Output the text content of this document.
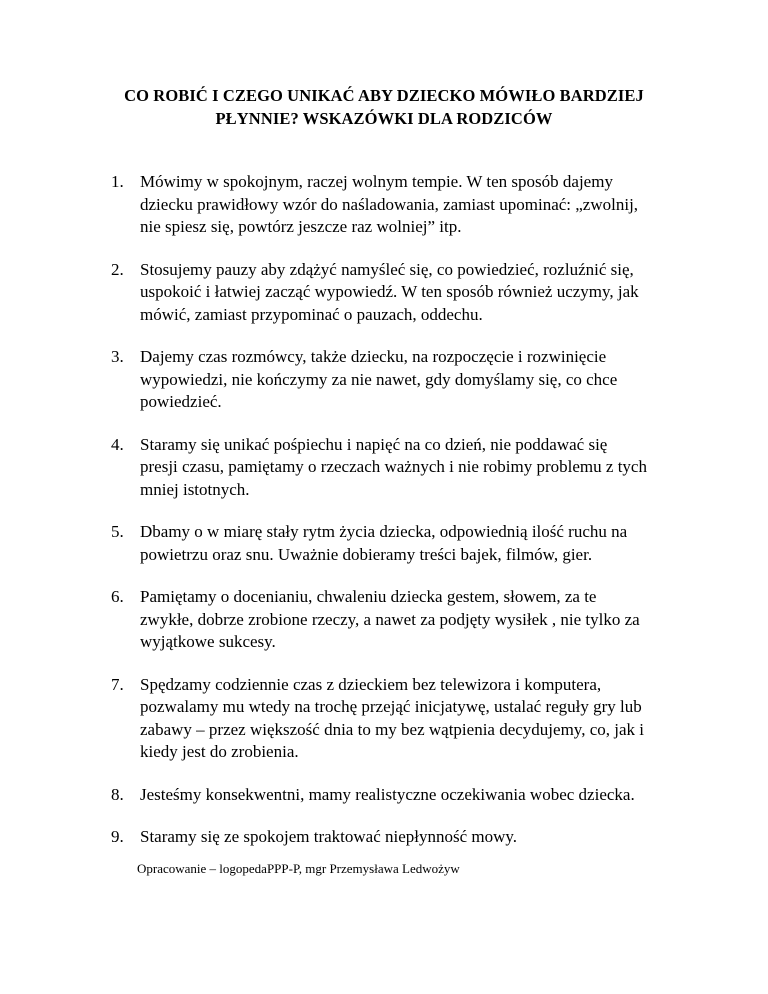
CO ROBIĆ I CZEGO UNIKAĆ ABY DZIECKO MÓWIŁO BARDZIEJ
PŁYNNIE? WSKAZÓWKI DLA RODZICÓW
1. Mówimy w spokojnym, raczej wolnym tempie. W ten sposób dajemy
dziecku prawidłowy wzór do naśladowania, zamiast upominać: „zwolnij,
nie spiesz się, powtórz jeszcze raz wolniej” itp.
2. Stosujemy pauzy aby zdążyć namyśleć się, co powiedzieć, rozluźnić się,
uspokoić i łatwiej zacząć wypowiedź. W ten sposób również uczymy, jak
mówić, zamiast przypominać o pauzach, oddechu.
3. Dajemy czas rozmówcy, także dziecku, na rozpoczęcie i rozwinięcie
wypowiedzi, nie kończymy za nie nawet, gdy domyślamy się, co chce
powiedzieć.
4. Staramy się unikać pośpiechu i napięć na co dzień, nie poddawać się
presji czasu, pamiętamy o rzeczach ważnych i nie robimy problemu z tych
mniej istotnych.
5. Dbamy o w miarę stały rytm życia dziecka, odpowiednią ilość ruchu na
powietrzu oraz snu. Uważnie dobieramy treści bajek, filmów, gier.
6. Pamiętamy o docenianiu, chwaleniu dziecka gestem, słowem, za te
zwykłe, dobrze zrobione rzeczy, a nawet za podjęty wysiłek , nie tylko za
wyjątkowe sukcesy.
7. Spędzamy codziennie czas z dzieckiem bez telewizora i komputera,
pozwalamy mu wtedy na trochę przejąć inicjatywę, ustalać reguły gry lub
zabawy – przez większość dnia to my bez wątpienia decydujemy, co, jak i
kiedy jest do zrobienia.
8. Jesteśmy konsekwentni, mamy realistyczne oczekiwania wobec dziecka.
9. Staramy się ze spokojem traktować niepłynność mowy.
Opracowanie – logopedaPPP-P, mgr Przemysława Ledwożyw
